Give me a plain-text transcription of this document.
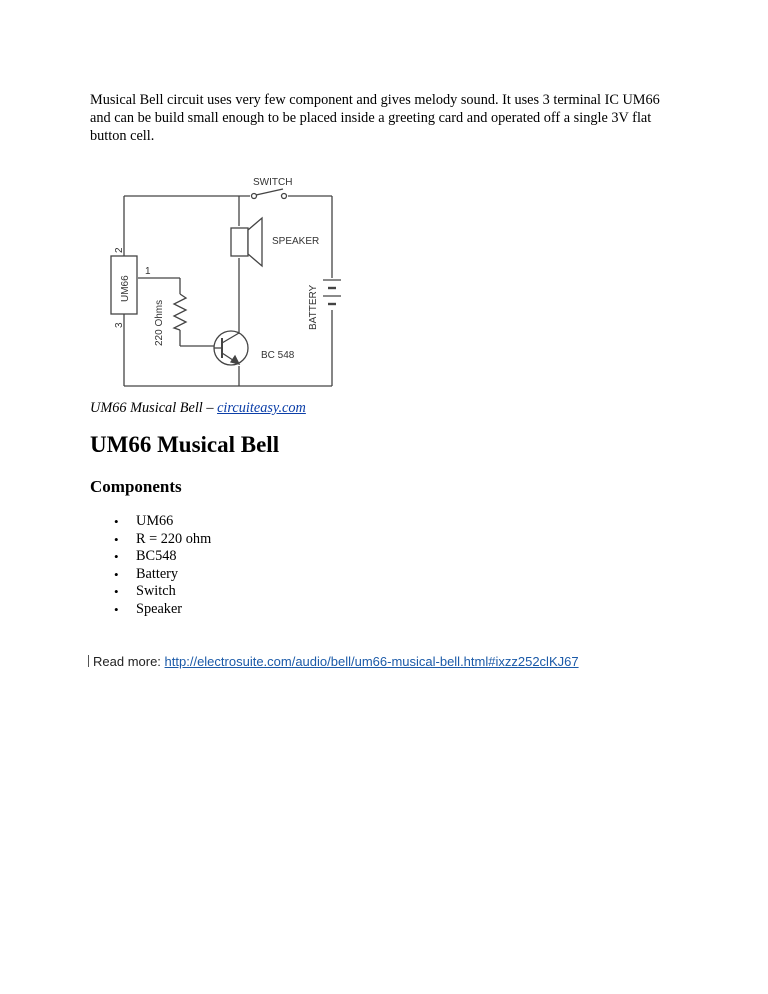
Musical Bell circuit uses very few component and gives melody sound. It uses 3 terminal IC UM66 and can be build small enough to be placed inside a greeting card and operated off a single 3V flat button cell.

SWITCH
SPEAKER
BATTERY
UM66
220 Ohms
BC 548
2
1
3

UM66 Musical Bell – circuiteasy.com

UM66 Musical Bell
Components
• UM66
• R = 220 ohm
• BC548
• Battery
• Switch
• Speaker

Read more: http://electrosuite.com/audio/bell/um66-musical-bell.html#ixzz252clKJ67
